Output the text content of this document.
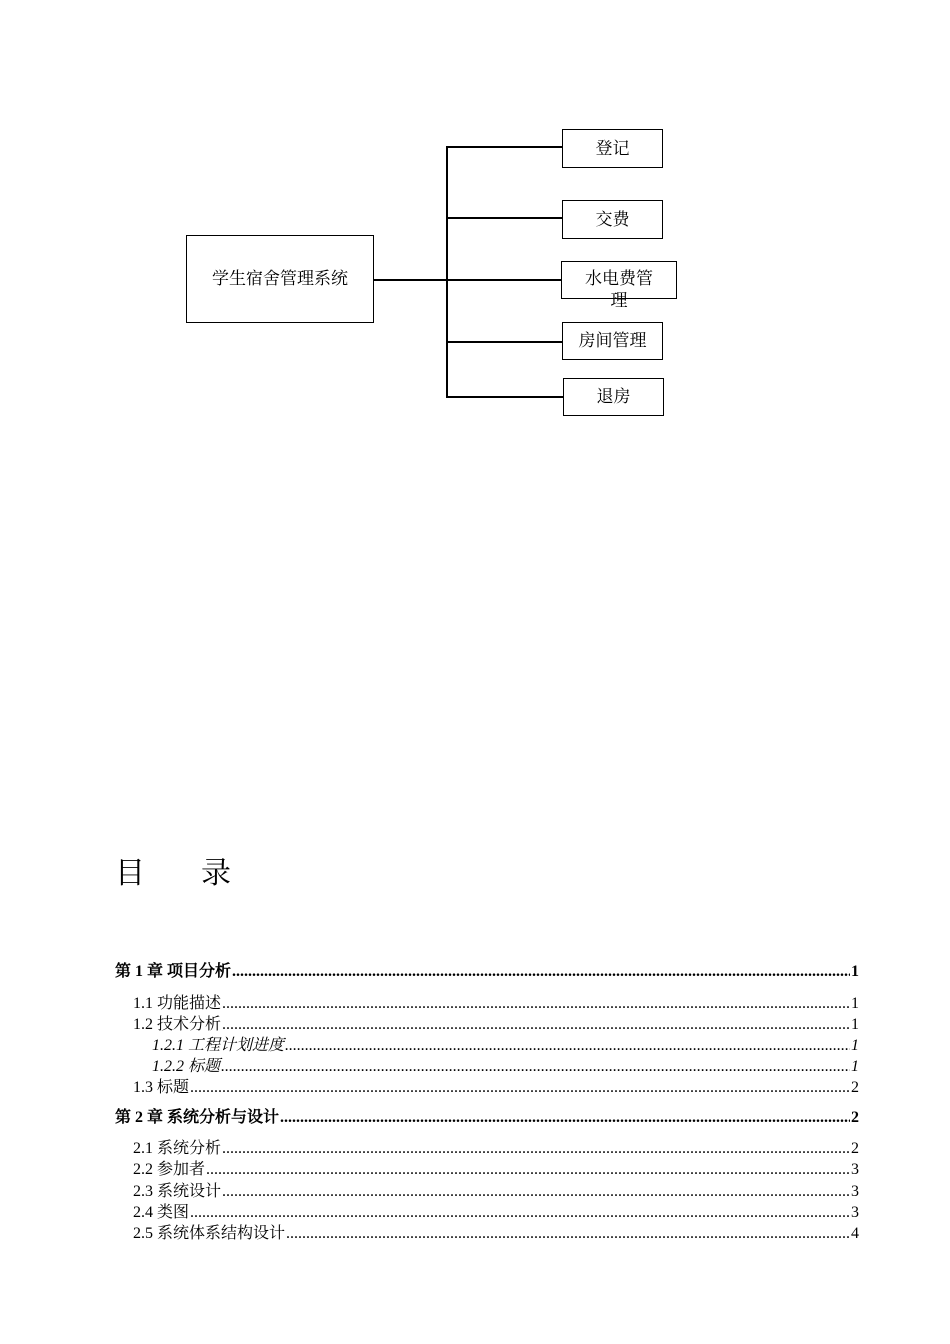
学生宿舍管理系统
登记
交费
水电费管理
房间管理
退房
目 录
第 1 章 项目分析 .....	1
1.1 功能描述 .....	1
1.2 技术分析 .....	1
1.2.1 工程计划进度 .....	1
1.2.2 标题 .....	1
1.3 标题 .....	2
第 2 章 系统分析与设计 .....	2
2.1 系统分析 .....	2
2.2 参加者 .....	3
2.3 系统设计 .....	3
2.4 类图 .....	3
2.5 系统体系结构设计 .....	4
